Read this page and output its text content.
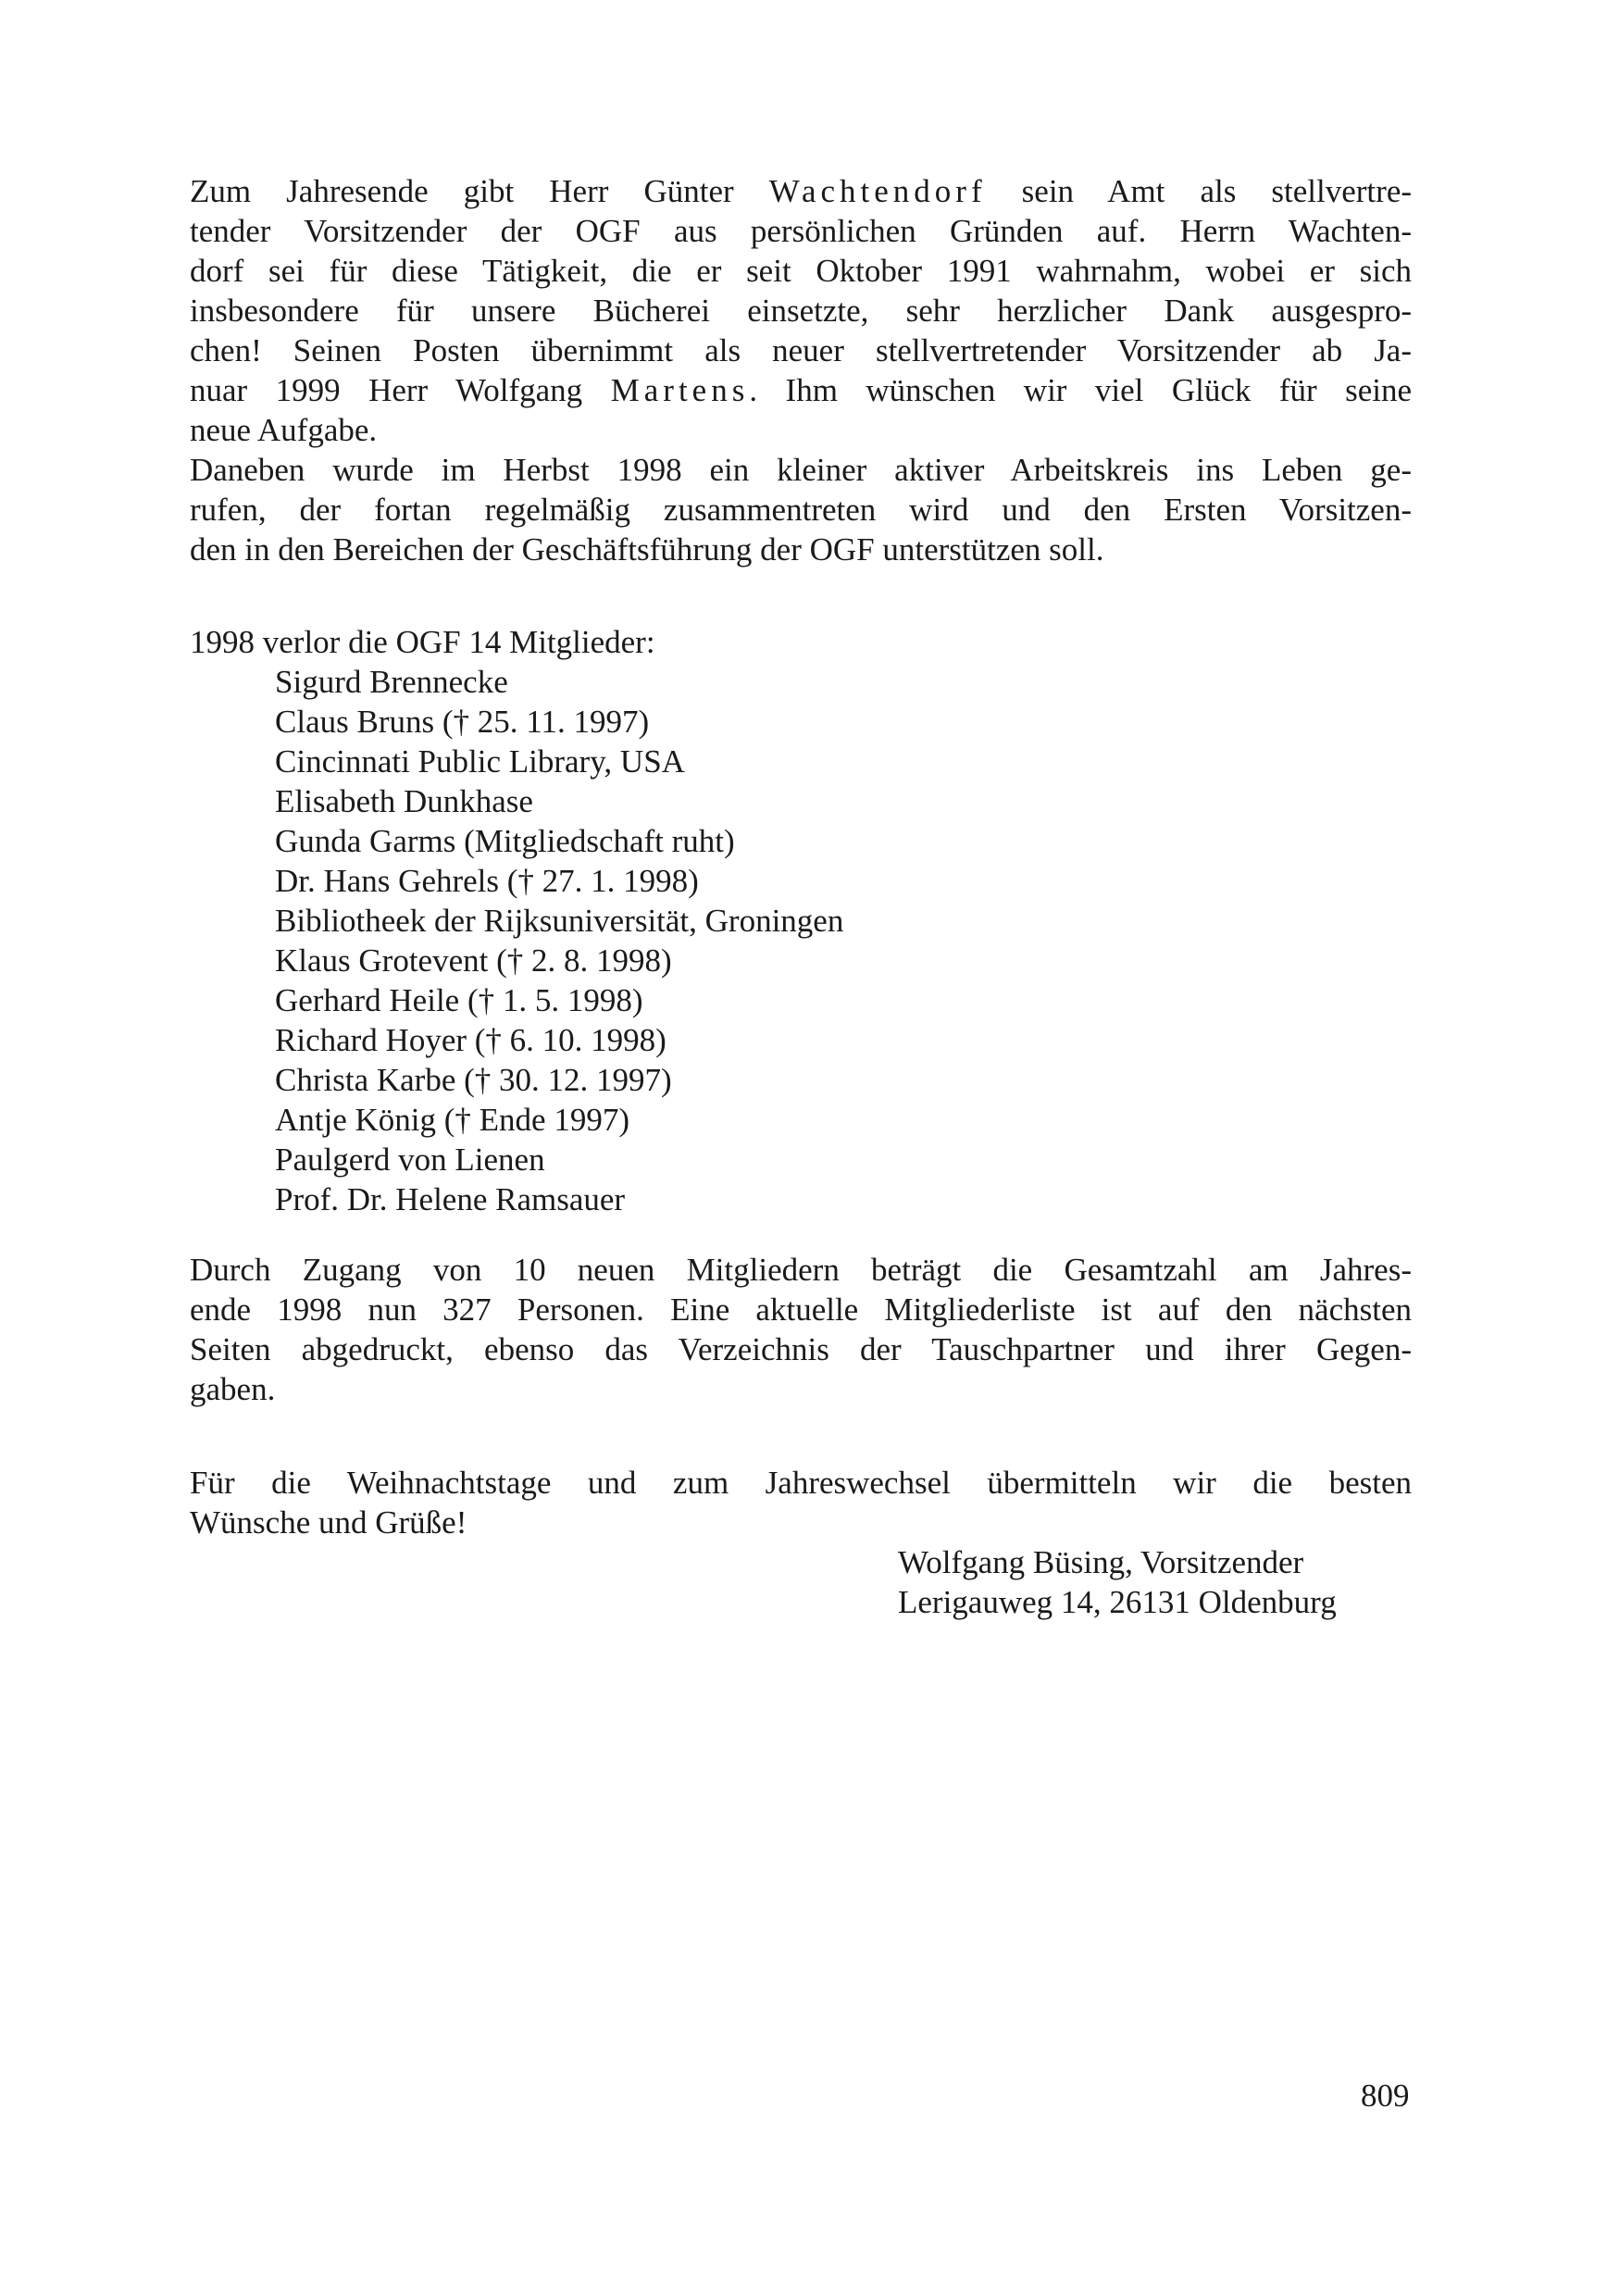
Zum Jahresende gibt Herr Günter Wachtendorf sein Amt als stellvertre-
tender Vorsitzender der OGF aus persönlichen Gründen auf. Herrn Wachten-
dorf sei für diese Tätigkeit, die er seit Oktober 1991 wahrnahm, wobei er sich
insbesondere für unsere Bücherei einsetzte, sehr herzlicher Dank ausgespro-
chen! Seinen Posten übernimmt als neuer stellvertretender Vorsitzender ab Ja-
nuar 1999 Herr Wolfgang Martens. Ihm wünschen wir viel Glück für seine
neue Aufgabe.
Daneben wurde im Herbst 1998 ein kleiner aktiver Arbeitskreis ins Leben ge-
rufen, der fortan regelmäßig zusammentreten wird und den Ersten Vorsitzen-
den in den Bereichen der Geschäftsführung der OGF unterstützen soll.
1998 verlor die OGF 14 Mitglieder:
Sigurd Brennecke
Claus Bruns († 25. 11. 1997)
Cincinnati Public Library, USA
Elisabeth Dunkhase
Gunda Garms (Mitgliedschaft ruht)
Dr. Hans Gehrels († 27. 1. 1998)
Bibliotheek der Rijksuniversität, Groningen
Klaus Grotevent († 2. 8. 1998)
Gerhard Heile († 1. 5. 1998)
Richard Hoyer († 6. 10. 1998)
Christa Karbe († 30. 12. 1997)
Antje König († Ende 1997)
Paulgerd von Lienen
Prof. Dr. Helene Ramsauer
Durch Zugang von 10 neuen Mitgliedern beträgt die Gesamtzahl am Jahres-
ende 1998 nun 327 Personen. Eine aktuelle Mitgliederliste ist auf den nächsten
Seiten abgedruckt, ebenso das Verzeichnis der Tauschpartner und ihrer Gegen-
gaben.
Für die Weihnachtstage und zum Jahreswechsel übermitteln wir die besten
Wünsche und Grüße!
Wolfgang Büsing, Vorsitzender
Lerigauweg 14, 26131 Oldenburg
809
